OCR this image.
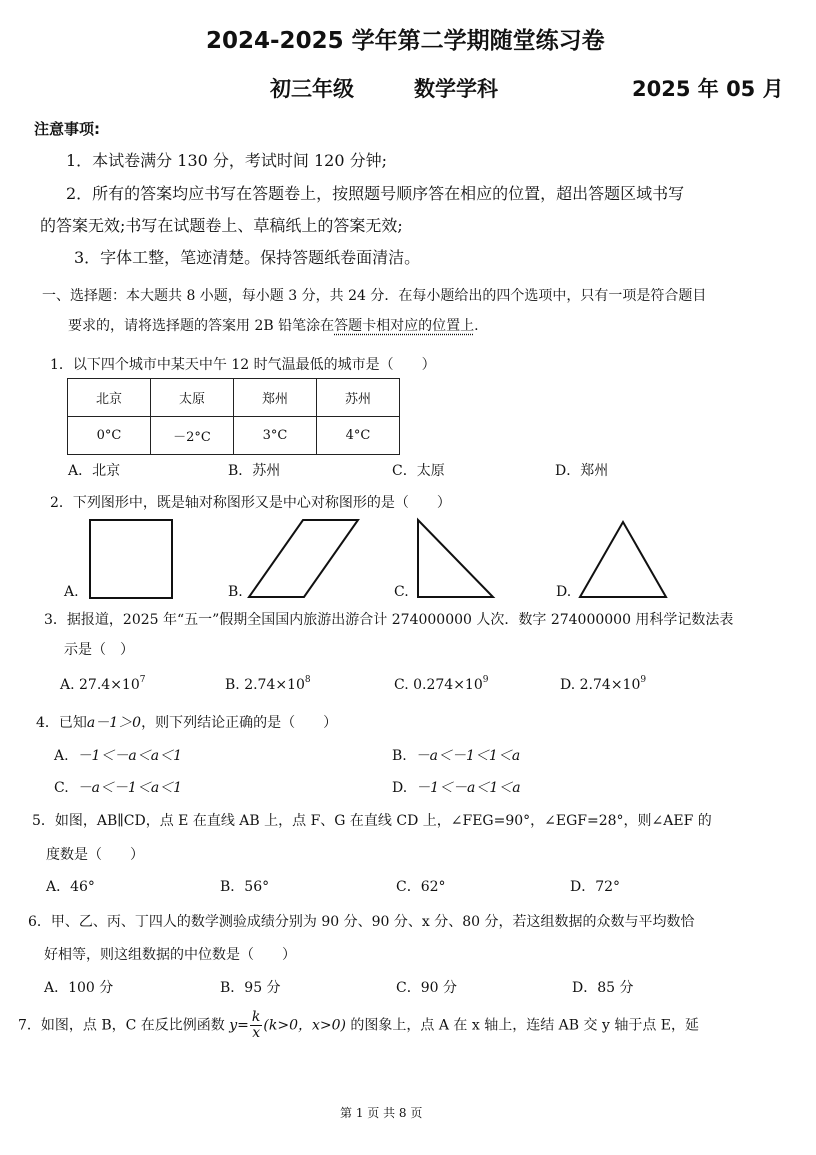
2024-2025 学年第二学期随堂练习卷
初三年级	数学学科	2025 年 05 月
注意事项:
1．本试卷满分 130 分，考试时间 120 分钟;
2．所有的答案均应书写在答题卷上，按照题号顺序答在相应的位置，超出答题区域书写
的答案无效;书写在试题卷上、草稿纸上的答案无效;
3．字体工整，笔迹清楚。保持答题纸卷面清洁。
一、选择题：本大题共 8 小题，每小题 3 分，共 24 分．在每小题给出的四个选项中，只有一项是符合题目
要求的，请将选择题的答案用 2B 铅笔涂在答题卡相对应的位置上.
1．以下四个城市中某天中午 12 时气温最低的城市是（　　）
北京	太原	郑州	苏州
0°C	－2°C	3°C	4°C
A．北京	B．苏州	C．太原	D．郑州
2．下列图形中，既是轴对称图形又是中心对称图形的是（　　）
A.	B.	C.	D.
3．据报道，2025 年“五一”假期全国国内旅游出游合计 274000000 人次．数字 274000000 用科学记数法表
示是（　）
A. $27.4\times 10^7$	B. $2.74\times 10^8$	C. $0.274\times 10^9$	D. $2.74\times 10^9$
4．已知a－1＞0，则下列结论正确的是（　　）
A. －1＜－a＜a＜1	B. －a＜－1＜1＜a
C. －a＜－1＜a＜1	D. －1＜－a＜1＜a
5．如图，AB∥CD，点 E 在直线 AB 上，点 F、G 在直线 CD 上，∠FEG=90°，∠EGF=28°，则∠AEF 的
度数是（　　）
A．46°	B．56°	C．62°	D．72°
6．甲、乙、丙、丁四人的数学测验成绩分别为 90 分、90 分、x 分、80 分，若这组数据的众数与平均数恰
好相等，则这组数据的中位数是（　　）
A．100 分	B．95 分	C．90 分	D．85 分
7．如图，点 B，C 在反比例函数 $y= \frac{k}{x} (k>0$，x>0) 的图象上，点 A 在 x 轴上，连结 AB 交 y 轴于点 E，延
第 1 页 共 8 页
